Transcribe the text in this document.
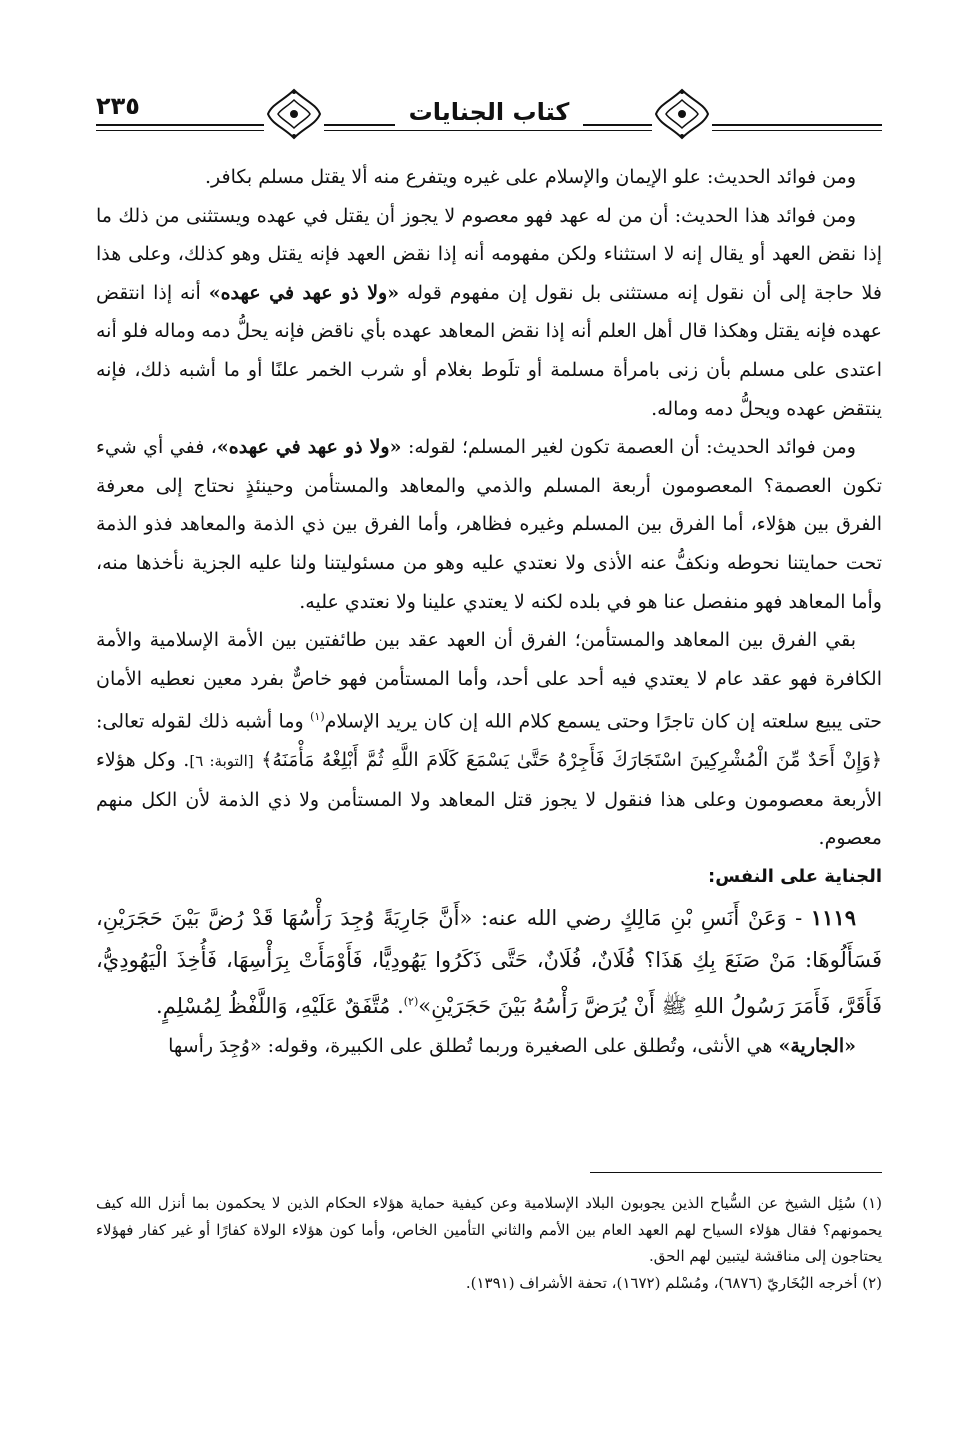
٢٣٥	كتاب الجنايات

ومن فوائد الحديث: علو الإيمان والإسلام على غيره ويتفرع منه ألا يقتل مسلم بكافر.

ومن فوائد هذا الحديث: أن من له عهد فهو معصوم لا يجوز أن يقتل في عهده ويستثنى من ذلك ما إذا نقض العهد أو يقال إنه لا استثناء ولكن مفهومه أنه إذا نقض العهد فإنه يقتل وهو كذلك، وعلى هذا فلا حاجة إلى أن نقول إنه مستثنى بل نقول إن مفهوم قوله «ولا ذو عهد في عهده» أنه إذا انتقض عهده فإنه يقتل وهكذا قال أهل العلم أنه إذا نقض المعاهد عهده بأي ناقض فإنه يحلُّ دمه وماله فلو أنه اعتدى على مسلم بأن زنى بامرأة مسلمة أو تلَوط بغلام أو شرب الخمر علنًا أو ما أشبه ذلك، فإنه ينتقض عهده ويحلُّ دمه وماله.

ومن فوائد الحديث: أن العصمة تكون لغير المسلم؛ لقوله: «ولا ذو عهد في عهده»، ففي أي شيء تكون العصمة؟ المعصومون أربعة المسلم والذمي والمعاهد والمستأمن وحينئذٍ نحتاج إلى معرفة الفرق بين هؤلاء، أما الفرق بين المسلم وغيره فظاهر، وأما الفرق بين ذي الذمة والمعاهد فذو الذمة تحت حمايتنا نحوطه ونكفُّ عنه الأذى ولا نعتدي عليه وهو من مسئوليتنا ولنا عليه الجزية نأخذها منه، وأما المعاهد فهو منفصل عنا هو في بلده لكنه لا يعتدي علينا ولا نعتدي عليه.

بقي الفرق بين المعاهد والمستأمن؛ الفرق أن العهد عقد بين طائفتين بين الأمة الإسلامية والأمة الكافرة فهو عقد عام لا يعتدي فيه أحد على أحد، وأما المستأمن فهو خاصٌّ بفرد معين نعطيه الأمان حتى يبيع سلعته إن كان تاجرًا وحتى يسمع كلام الله إن كان يريد الإسلام$^{(١)}$ وما أشبه ذلك لقوله تعالى: ﴿وَإِنْ أَحَدٌ مِّنَ الْمُشْرِكِينَ اسْتَجَارَكَ فَأَجِرْهُ حَتَّىٰ يَسْمَعَ كَلَامَ اللَّهِ ثُمَّ أَبْلِغْهُ مَأْمَنَهُ﴾ [التوبة: ٦]. وكل هؤلاء الأربعة معصومون وعلى هذا فنقول لا يجوز قتل المعاهد ولا المستأمن ولا ذي الذمة لأن الكل منهم معصوم.

الجناية على النفس:

١١١٩ - وَعَنْ أَنَسِ بْنِ مَالِكٍ رضي الله عنه: «أَنَّ جَارِيَةً وُجِدَ رَأْسُهَا قَدْ رُضَّ بَيْنَ حَجَرَيْنِ، فَسَأَلُوهَا: مَنْ صَنَعَ بِكِ هَذَا؟ فُلَانٌ، فُلَانٌ، حَتَّى ذَكَرُوا يَهُودِيًّا، فَأَوْمَأَتْ بِرَأْسِهَا، فَأُخِذَ الْيَهُودِيُّ، فَأَقَرَّ، فَأَمَرَ رَسُولُ اللهِ ﷺ أَنْ يُرَضَّ رَأْسُهُ بَيْنَ حَجَرَيْنِ»$^{(٢)}$. مُتَّفَقٌ عَلَيْهِ، وَاللَّفْظُ لِمُسْلِمٍ.

«الجارية» هي الأنثى، وتُطلق على الصغيرة وربما تُطلق على الكبيرة، وقوله: «وُجِدَ رأسها

(١) سُئِل الشيخ عن السُّياح الذين يجوبون البلاد الإسلامية وعن كيفية حماية هؤلاء الحكام الذين لا يحكمون بما أنزل الله كيف يحمونهم؟ فقال هؤلاء السياح لهم العهد العام بين الأمم والثاني التأمين الخاص، وأما كون هؤلاء الولاة كفارًا أو غير كفار فهؤلاء يحتاجون إلى مناقشة ليتبين لهم الحق.

(٢) أخرجه البُخَاريّ (٦٨٧٦)، ومُسْلم (١٦٧٢)، تحفة الأشراف (١٣٩١).
